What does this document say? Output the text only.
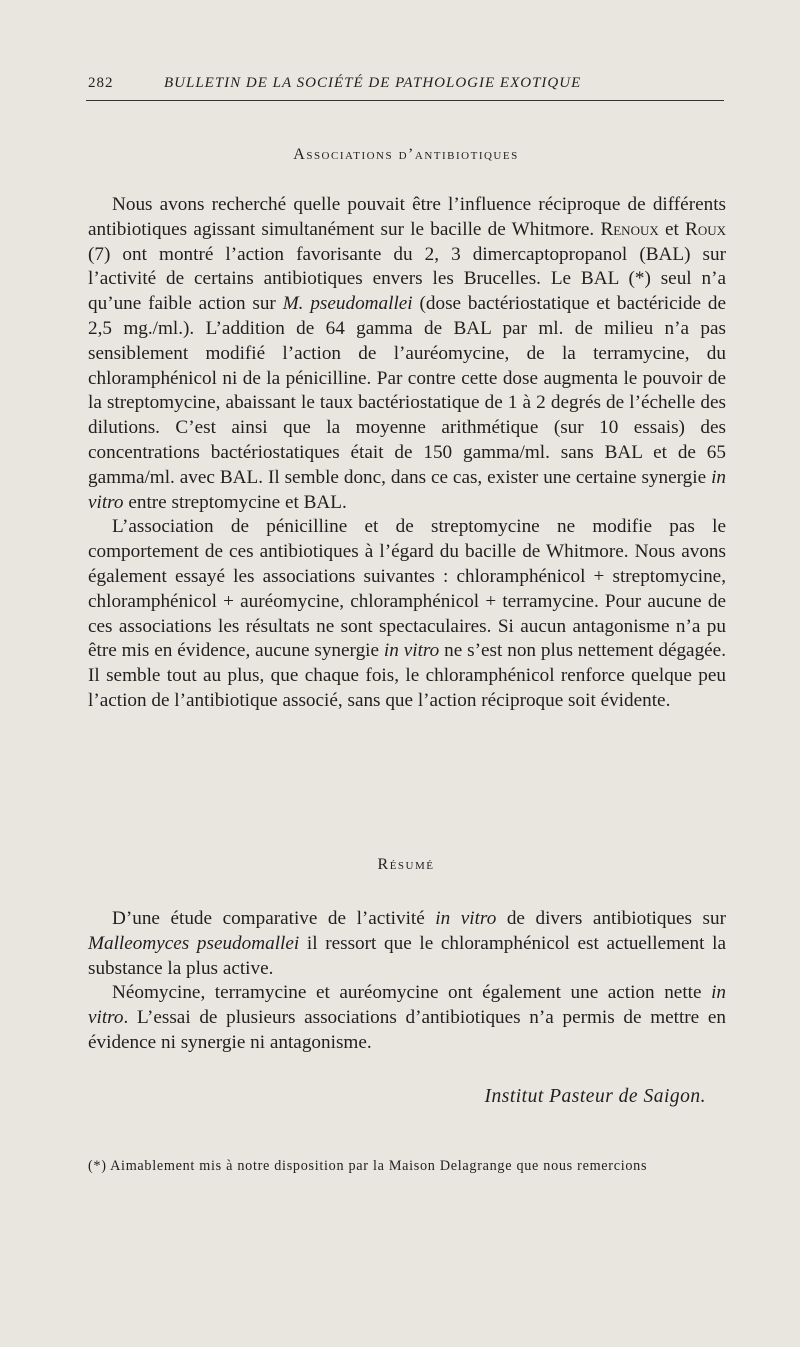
282	BULLETIN DE LA SOCIÉTÉ DE PATHOLOGIE EXOTIQUE
Associations d’antibiotiques

Nous avons recherché quelle pouvait être l’influence réciproque de différents antibiotiques agissant simultanément sur le bacille de Whitmore. Renoux et Roux (7) ont montré l’action favorisante du 2, 3 dimercaptopropanol (BAL) sur l’activité de certains antibiotiques envers les Brucelles. Le BAL (*) seul n’a qu’une faible action sur M. pseudomallei (dose bactériostatique et bactéricide de 2,5 mg./ml.). L’addition de 64 gamma de BAL par ml. de milieu n’a pas sensiblement modifié l’action de l’auréomycine, de la terramycine, du chloramphénicol ni de la pénicilline. Par contre cette dose augmenta le pouvoir de la streptomycine, abaissant le taux bactériostatique de 1 à 2 degrés de l’échelle des dilutions. C’est ainsi que la moyenne arithmétique (sur 10 essais) des concentrations bactériostatiques était de 150 gamma/ml. sans BAL et de 65 gamma/ml. avec BAL. Il semble donc, dans ce cas, exister une certaine synergie in vitro entre streptomycine et BAL.

L’association de pénicilline et de streptomycine ne modifie pas le comportement de ces antibiotiques à l’égard du bacille de Whitmore. Nous avons également essayé les associations suivantes : chloramphénicol + streptomycine, chloramphénicol + auréomycine, chloramphénicol + terramycine. Pour aucune de ces associations les résultats ne sont spectaculaires. Si aucun antagonisme n’a pu être mis en évidence, aucune synergie in vitro ne s’est non plus nettement dégagée. Il semble tout au plus, que chaque fois, le chloramphénicol renforce quelque peu l’action de l’antibiotique associé, sans que l’action réciproque soit évidente.

Résumé

D’une étude comparative de l’activité in vitro de divers antibiotiques sur Malleomyces pseudomallei il ressort que le chloramphénicol est actuellement la substance la plus active.

Néomycine, terramycine et auréomycine ont également une action nette in vitro. L’essai de plusieurs associations d’antibiotiques n’a permis de mettre en évidence ni synergie ni antagonisme.

Institut Pasteur de Saigon.
(*) Aimablement mis à notre disposition par la Maison Delagrange que nous remercions
